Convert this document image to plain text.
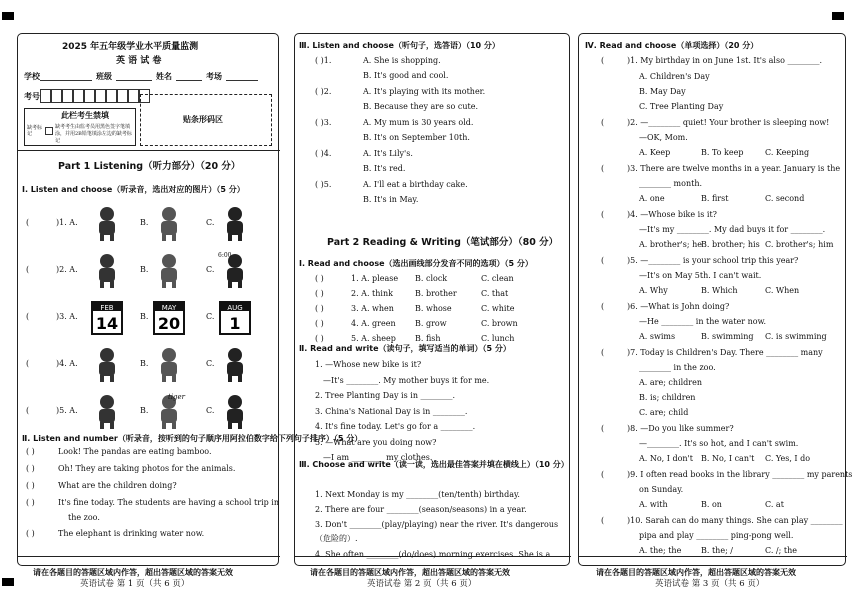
2025 年五年级学业水平质量监测
英 语 试 卷
学校	班级	姓名	考场
考号
此栏考生禁填
缺考标记
缺考考生由监考员用黑色签字笔填涂，并用2B铅笔填涂左边的缺考标记
贴条形码区
Part 1 Listening（听力部分）（20 分）
Ⅰ. Listen and choose（听录音，选出对应的图片）（5 分）
(	)1. A.	B.	C.
(	)2. A.	B.	C.
(	)3. A.	B.	C.
FEB
14
MAY
20
AUG
1
(	)4. A.	B.	C.
(	)5. A.	B.	C.
6:00
tiger
Ⅱ. Listen and number（听录音，按听到的句子顺序用阿拉伯数字给下列句子排序）（5 分）
( )	Look! The pandas are eating bamboo.
( )	Oh! They are taking photos for the animals.
( )	What are the children doing?
( )	It's fine today. The students are having a school trip in
the zoo.
( )	The elephant is drinking water now.
Ⅲ. Listen and choose（听句子，选答语）（10 分）
( )1.	A. She is shopping.
B. It's good and cool.
( )2.	A. It's playing with its mother.
B. Because they are so cute.
( )3.	A. My mum is 30 years old.
B. It's on September 10th.
( )4.	A. It's Lily's.
B. It's red.
( )5.	A. I'll eat a birthday cake.
B. It's in May.
Part 2 Reading & Writing（笔试部分）（80 分）
Ⅰ. Read and choose（选出画线部分发音不同的选项）（5 分）
( )	1. A. please B. clock	C. clean
( )	2. A. think	B. brother	C. that
( )	3. A. when	B. whose	C. white
( )	4. A. green B. grow	C. brown
( )	5. A. sheep B. fish	C. lunch
Ⅱ. Read and write（读句子，填写适当的单词）（5 分）
1. —Whose new bike is it?
—It's ________. My mother buys it for me.
2. Tree Planting Day is in ________.
3. China's National Day is in ________.
4. It's fine today. Let's go for a ________.
5. —What are you doing now?
—I am ________ my clothes.
Ⅲ. Choose and write（读一读，选出最佳答案并填在横线上）（10 分）
1. Next Monday is my ________(ten/tenth) birthday.
2. There are four ________(season/seasons) in a year.
3. Don't ________(play/playing) near the river. It's dangerous
（危险的）.
4. She often ________(do/does) morning exercises. She is a
Ⅳ. Read and choose（单项选择）（20 分）
(	)1. My birthday in on June 1st. It's also ________.
A. Children's Day
B. May Day
C. Tree Planting Day
(	)2. —________ quiet! Your brother is sleeping now!
—OK, Mom.
A. Keep	B. To keep	C. Keeping
(	)3. There are twelve months in a year. January is the
________ month.
A. one	B. first	C. second
(	)4. —Whose bike is it?
—It's my ________. My dad buys it for ________.
A. brother's; he B. brother; his C. brother's; him
(	)5. —________ is your school trip this year?
—It's on May 5th. I can't wait.
A. Why	B. Which	C. When
(	)6. —What is John doing?
—He ________ in the water now.
A. swims	B. swimming C. is swimming
(	)7. Today is Children's Day. There ________ many
________ in the zoo.
A. are; children
B. is; children
C. are; child
(	)8. —Do you like summer?
—________. It's so hot, and I can't swim.
A. No, I don't B. No, I can't C. Yes, I do
(	)9. I often read books in the library ________ my parents
on Sunday.
A. with	B. on	C. at
(	)10. Sarah can do many things. She can play ________
pipa and play ________ ping-pong well.
A. the; the B. the; /	C. /; the
请在各题目的答题区域内作答，超出答题区域的答案无效	请在各题目的答题区域内作答，超出答题区域的答案无效	请在各题目的答题区域内作答，超出答题区域的答案无效
英语试卷 第 1 页（共 6 页）	英语试卷 第 2 页（共 6 页）	英语试卷 第 3 页（共 6 页）
